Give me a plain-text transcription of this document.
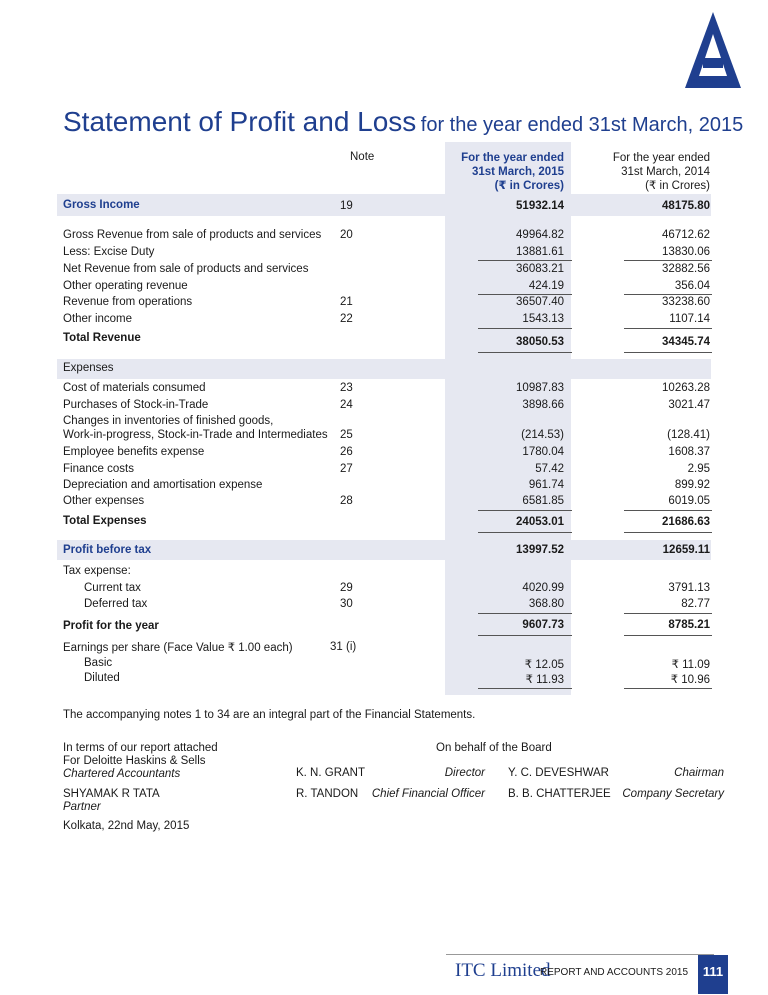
Enduring Value
Statement of Profit and Loss for the year ended 31st March, 2015
Note	For the year ended
31st March, 2015
(₹ in Crores)
For the year ended
31st March, 2014
(₹ in Crores)
Gross Income	19	51932.14	48175.80
Gross Revenue from sale of products and services 20	49964.82	46712.62
Less: Excise Duty	13881.61	13830.06
Net Revenue from sale of products and services	36083.21	32882.56
Other operating revenue	424.19	356.04
Revenue from operations	21	36507.40	33238.60
Other income	22	1543.13	1107.14
Total Revenue	38050.53	34345.74
Expenses
Cost of materials consumed	23	10987.83	10263.28
Purchases of Stock-in-Trade	24	3898.66	3021.47
Changes in inventories of finished goods,
Work-in-progress, Stock-in-Trade and Intermediates 25	(214.53)	(128.41)
Employee benefits expense	26	1780.04	1608.37
Finance costs	27	57.42	2.95
Depreciation and amortisation expense	961.74	899.92
Other expenses	28	6581.85	6019.05
Total Expenses	24053.01	21686.63
Profit before tax	13997.52	12659.11
Tax expense:
Current tax	29	4020.99	3791.13
Deferred tax	30	368.80	82.77
Profit for the year	9607.73	8785.21
Earnings per share (Face Value ₹ 1.00 each)	31 (i)
Basic	₹ 12.05	₹ 11.09
Diluted	₹ 11.93	₹ 10.96
The accompanying notes 1 to 34 are an integral part of the Financial Statements.
In terms of our report attached
For Deloitte Haskins & Sells
Chartered Accountants
SHYAMAK R TATA
Partner
Kolkata, 22nd May, 2015
On behalf of the Board
K. N. GRANT	Director Y. C. DEVESHWAR	Chairman
R. TANDON Chief Financial Officer B. B. CHATTERJEE Company Secretary
ITC Limited
REPORT AND ACCOUNTS 2015	111
